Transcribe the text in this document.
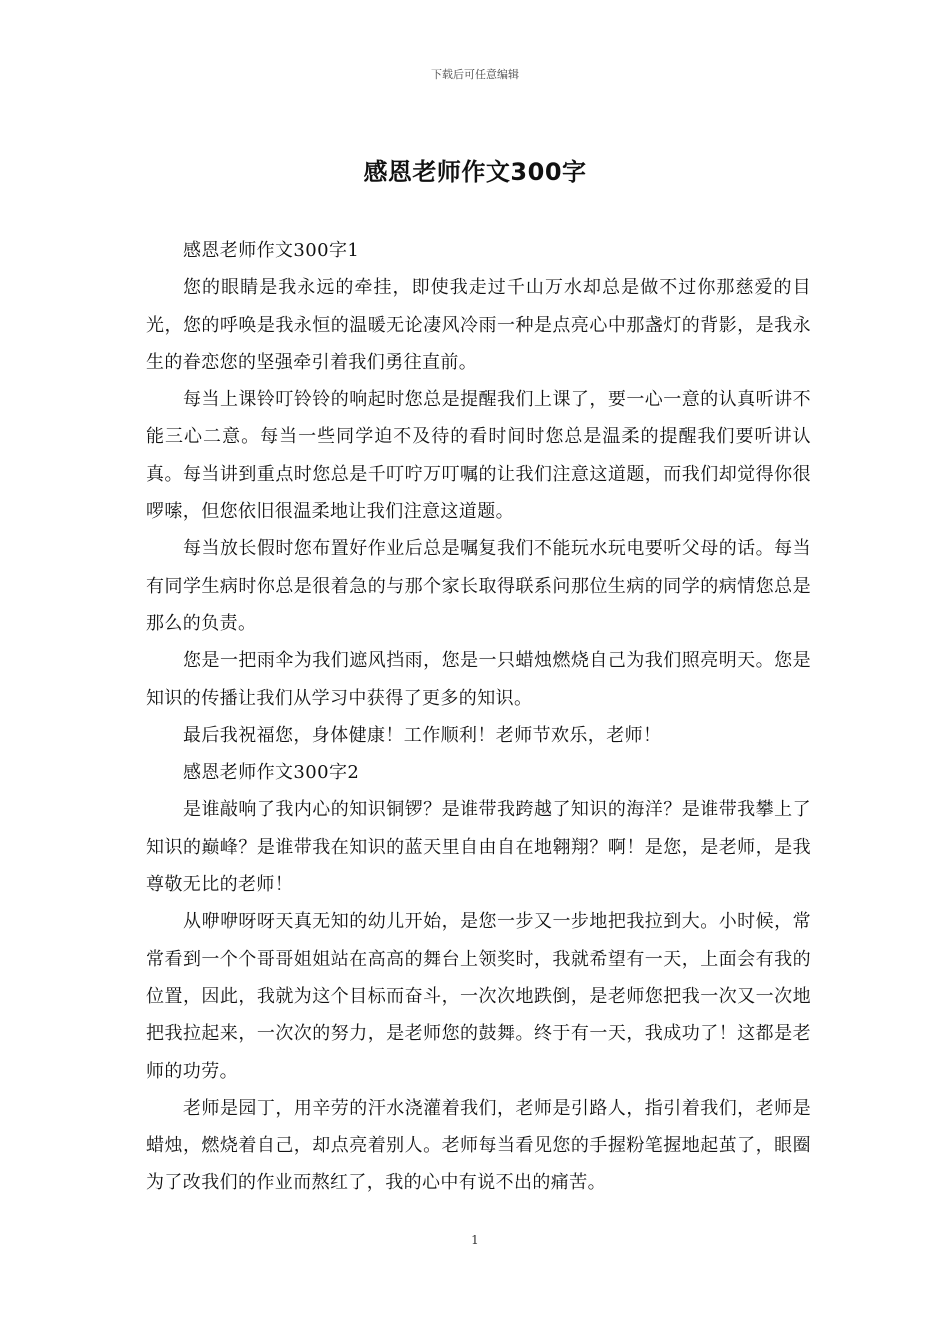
下载后可任意编辑
感恩老师作文300字

感恩老师作文300字1

您的眼睛是我永远的牵挂，即使我走过千山万水却总是做不过你那慈爱的目光，您的呼唤是我永恒的温暖无论凄风冷雨一种是点亮心中那盏灯的背影，是我永生的眷恋您的坚强牵引着我们勇往直前。

每当上课铃叮铃铃的响起时您总是提醒我们上课了，要一心一意的认真听讲不能三心二意。每当一些同学迫不及待的看时间时您总是温柔的提醒我们要听讲认真。每当讲到重点时您总是千叮咛万叮嘱的让我们注意这道题，而我们却觉得你很啰嗦，但您依旧很温柔地让我们注意这道题。

每当放长假时您布置好作业后总是嘱复我们不能玩水玩电要听父母的话。每当有同学生病时你总是很着急的与那个家长取得联系问那位生病的同学的病情您总是那么的负责。

您是一把雨伞为我们遮风挡雨，您是一只蜡烛燃烧自己为我们照亮明天。您是知识的传播让我们从学习中获得了更多的知识。

最后我祝福您，身体健康！工作顺利！老师节欢乐，老师！

感恩老师作文300字2

是谁敲响了我内心的知识铜锣？是谁带我跨越了知识的海洋？是谁带我攀上了知识的巅峰？是谁带我在知识的蓝天里自由自在地翱翔？啊！是您，是老师，是我尊敬无比的老师！

从咿咿呀呀天真无知的幼儿开始，是您一步又一步地把我拉到大。小时候，常常看到一个个哥哥姐姐站在高高的舞台上领奖时，我就希望有一天，上面会有我的位置，因此，我就为这个目标而奋斗，一次次地跌倒，是老师您把我一次又一次地把我拉起来，一次次的努力，是老师您的鼓舞。终于有一天，我成功了！这都是老师的功劳。

老师是园丁，用辛劳的汗水浇灌着我们，老师是引路人，指引着我们，老师是蜡烛，燃烧着自己，却点亮着别人。老师每当看见您的手握粉笔握地起茧了，眼圈为了改我们的作业而熬红了，我的心中有说不出的痛苦。

1
